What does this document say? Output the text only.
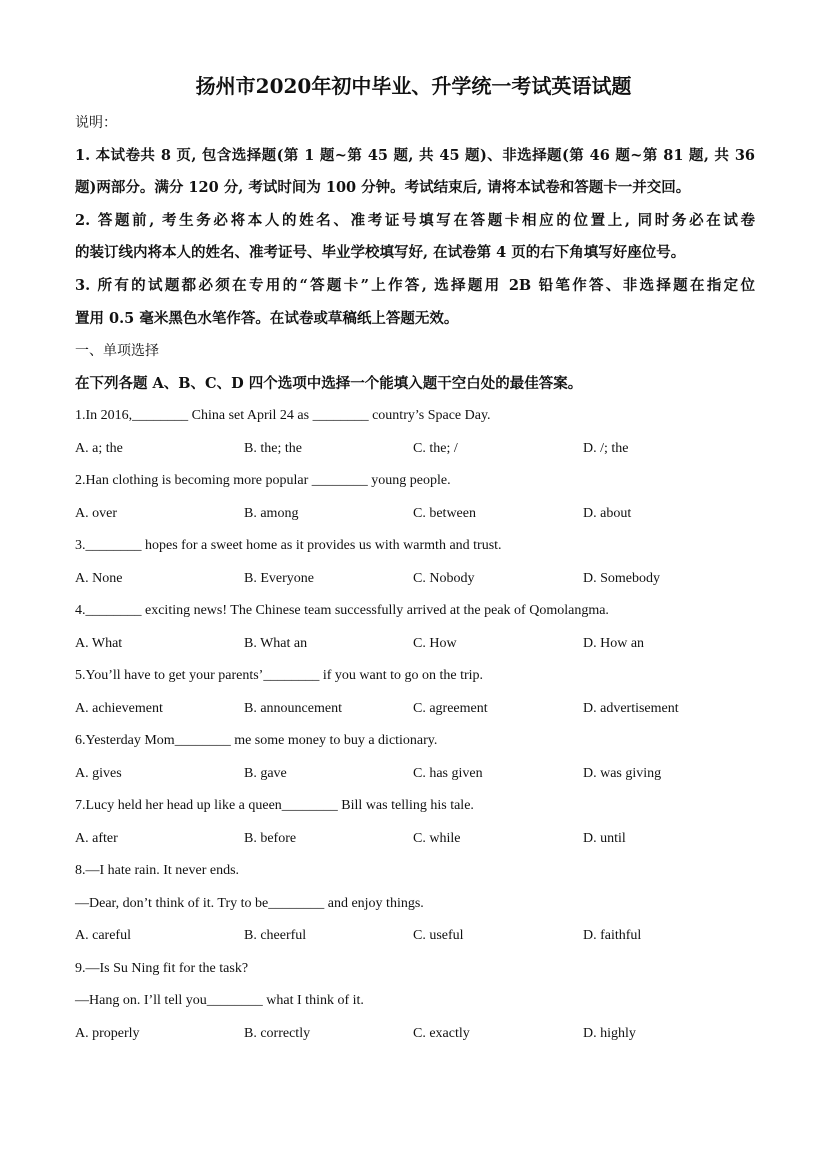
扬州市2020年初中毕业、升学统一考试英语试题
说明：
1. 本试卷共 8 页, 包含选择题(第 1 题~第 45 题, 共 45 题)、非选择题(第 46 题~第 81 题, 共 36
题)两部分。满分 120 分, 考试时间为 100 分钟。考试结束后, 请将本试卷和答题卡一并交回。
2. 答题前, 考生务必将本人的姓名、准考证号填写在答题卡相应的位置上, 同时务必在试卷
的装订线内将本人的姓名、准考证号、毕业学校填写好, 在试卷第 4 页的右下角填写好座位号。
3. 所有的试题都必须在专用的“答题卡”上作答, 选择题用 2B 铅笔作答、非选择题在指定位
置用 0.5 毫米黑色水笔作答。在试卷或草稿纸上答题无效。
一、单项选择
在下列各题 A、B、C、D 四个选项中选择一个能填入题干空白处的最佳答案。
1.In 2016,________ China set April 24 as ________ country’s Space Day.
A. a; the	B. the; the	C. the; /	D. /; the
2.Han clothing is becoming more popular ________ young people.
A. over	B. among	C. between	D. about
3.________ hopes for a sweet home as it provides us with warmth and trust.
A. None	B. Everyone	C. Nobody	D. Somebody
4.________ exciting news! The Chinese team successfully arrived at the peak of Qomolangma.
A. What	B. What an	C. How	D. How an
5.You’ll have to get your parents’________ if you want to go on the trip.
A. achievement	B. announcement	C. agreement	D. advertisement
6.Yesterday Mom________ me some money to buy a dictionary.
A. gives	B. gave	C. has given	D. was giving
7.Lucy held her head up like a queen________ Bill was telling his tale.
A. after	B. before	C. while	D. until
8.—I hate rain. It never ends.
—Dear, don’t think of it. Try to be________ and enjoy things.
A. careful	B. cheerful	C. useful	D. faithful
9.—Is Su Ning fit for the task?
—Hang on. I’ll tell you________ what I think of it.
A. properly	B. correctly	C. exactly	D. highly
